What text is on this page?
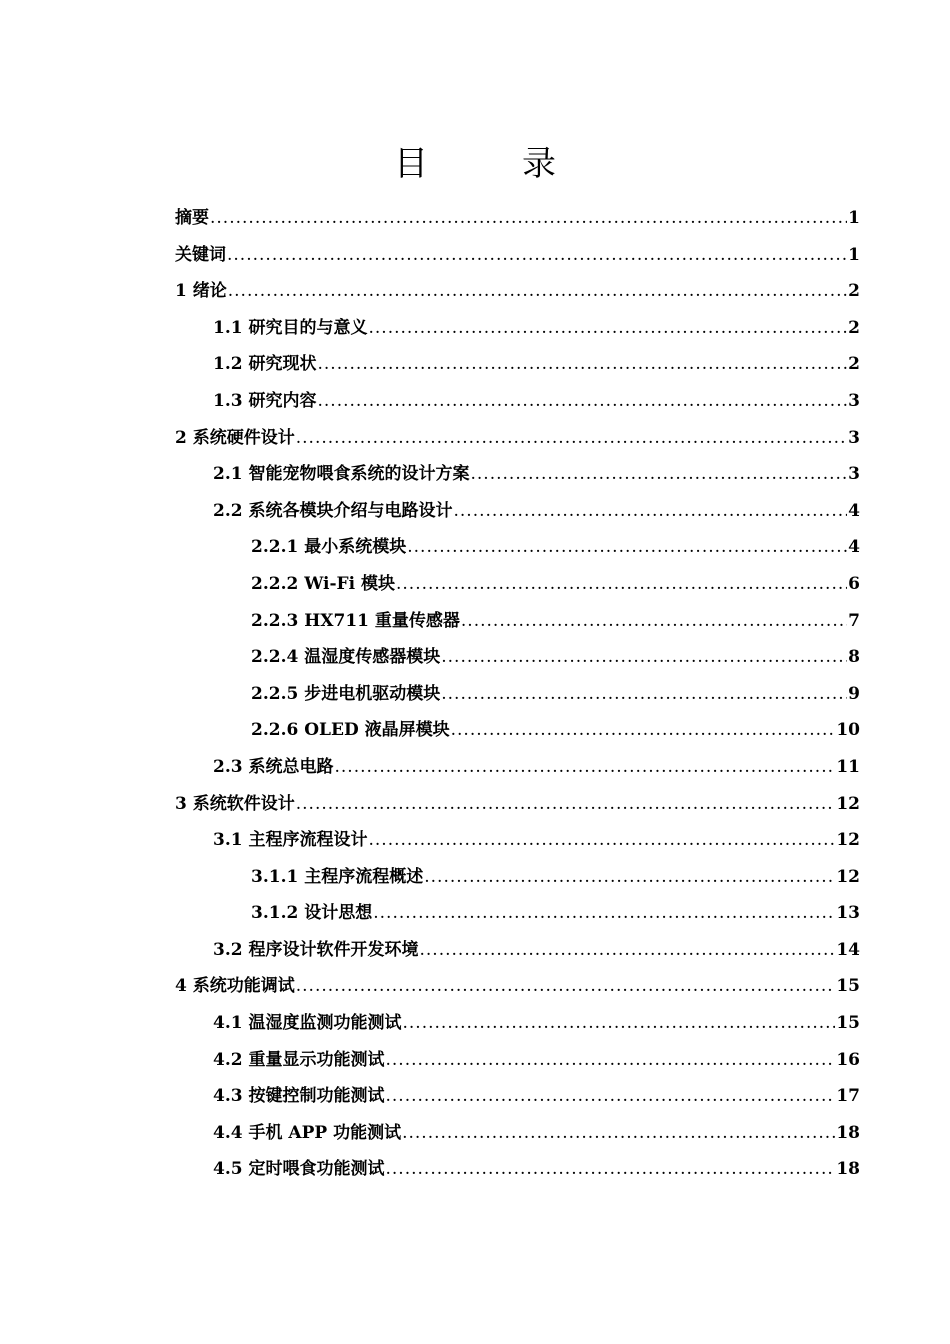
目　录
摘要 .....	1
关键词 .....	1
1 绪论 .....	2
1.1 研究目的与意义 .....	2
1.2 研究现状 .....	2
1.3 研究内容 .....	3
2 系统硬件设计 .....	3
2.1 智能宠物喂食系统的设计方案 .....	3
2.2 系统各模块介绍与电路设计 .....	4
2.2.1 最小系统模块 .....	4
2.2.2 Wi-Fi 模块 .....	6
2.2.3 HX711 重量传感器 .....	7
2.2.4 温湿度传感器模块 .....	8
2.2.5 步进电机驱动模块 .....	9
2.2.6 OLED 液晶屏模块 .....	10
2.3 系统总电路 .....	11
3 系统软件设计 .....	12
3.1 主程序流程设计 .....	12
3.1.1 主程序流程概述 .....	12
3.1.2 设计思想 .....	13
3.2 程序设计软件开发环境 .....	14
4 系统功能调试 .....	15
4.1 温湿度监测功能测试 .....	15
4.2 重量显示功能测试 .....	16
4.3 按键控制功能测试 .....	17
4.4 手机 APP 功能测试 .....	18
4.5 定时喂食功能测试 .....	18
